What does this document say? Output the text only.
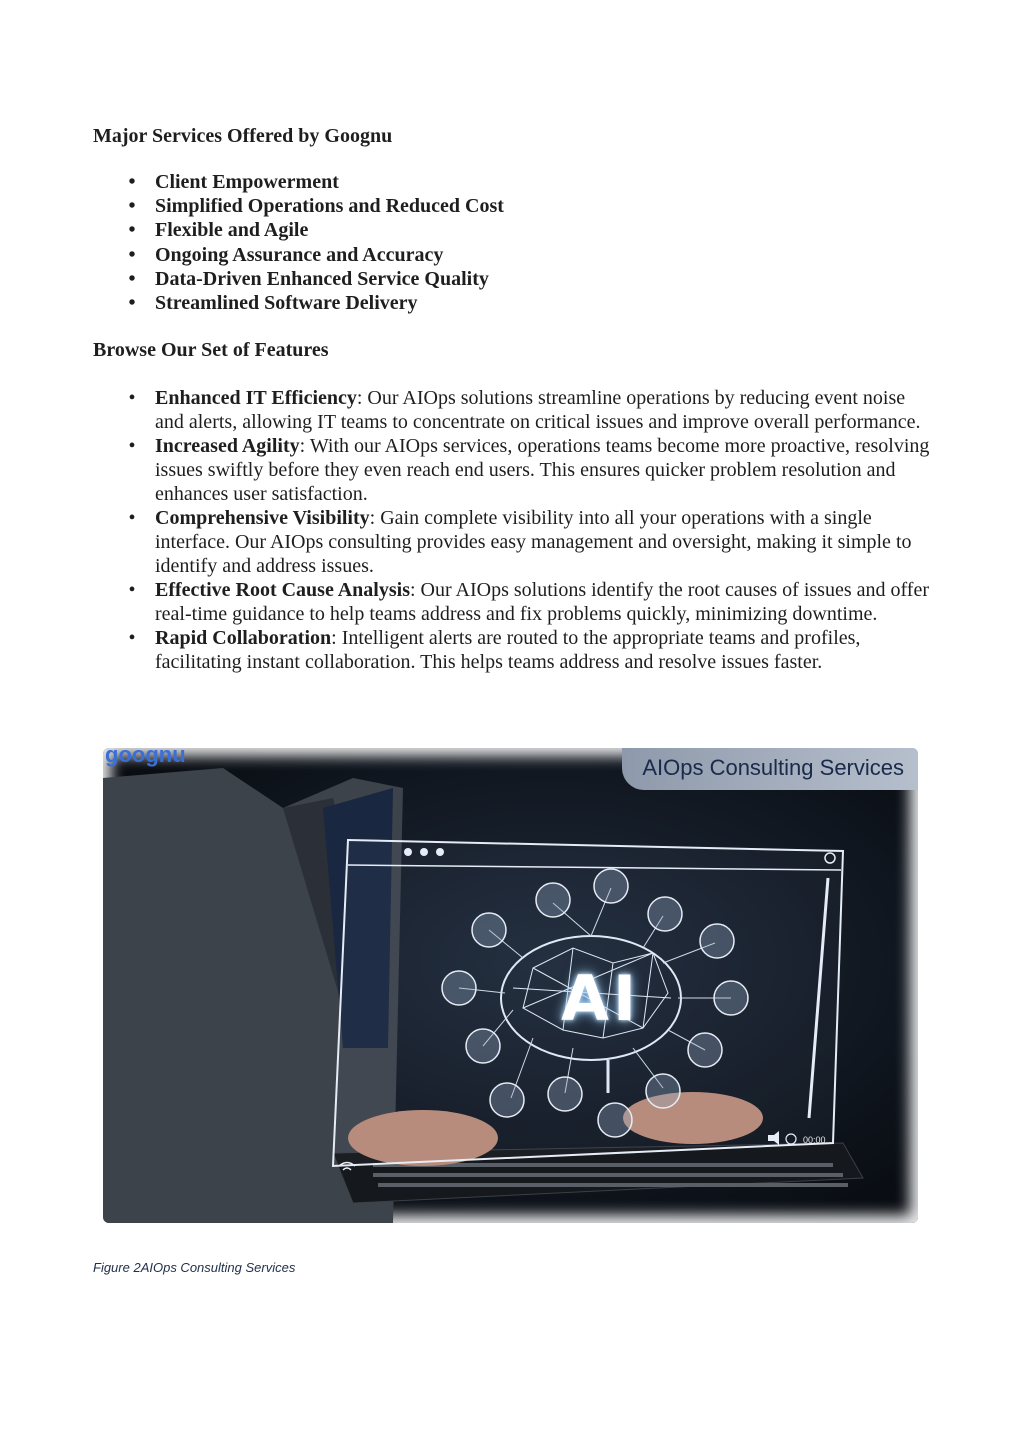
Major Services Offered by Goognu
• Client Empowerment
• Simplified Operations and Reduced Cost
• Flexible and Agile
• Ongoing Assurance and Accuracy
• Data-Driven Enhanced Service Quality
• Streamlined Software Delivery
Browse Our Set of Features
• Enhanced IT Efficiency: Our AIOps solutions streamline operations by reducing event noise and alerts, allowing IT teams to concentrate on critical issues and improve overall performance.
• Increased Agility: With our AIOps services, operations teams become more proactive, resolving issues swiftly before they even reach end users. This ensures quicker problem resolution and enhances user satisfaction.
• Comprehensive Visibility: Gain complete visibility into all your operations with a single interface. Our AIOps consulting provides easy management and oversight, making it simple to identify and address issues.
• Effective Root Cause Analysis: Our AIOps solutions identify the root causes of issues and offer real-time guidance to help teams address and fix problems quickly, minimizing downtime.
• Rapid Collaboration: Intelligent alerts are routed to the appropriate teams and profiles, facilitating instant collaboration. This helps teams address and resolve issues faster.
goognu
AIOps Consulting Services
AI
00:00

Figure 2AIOps Consulting Services
